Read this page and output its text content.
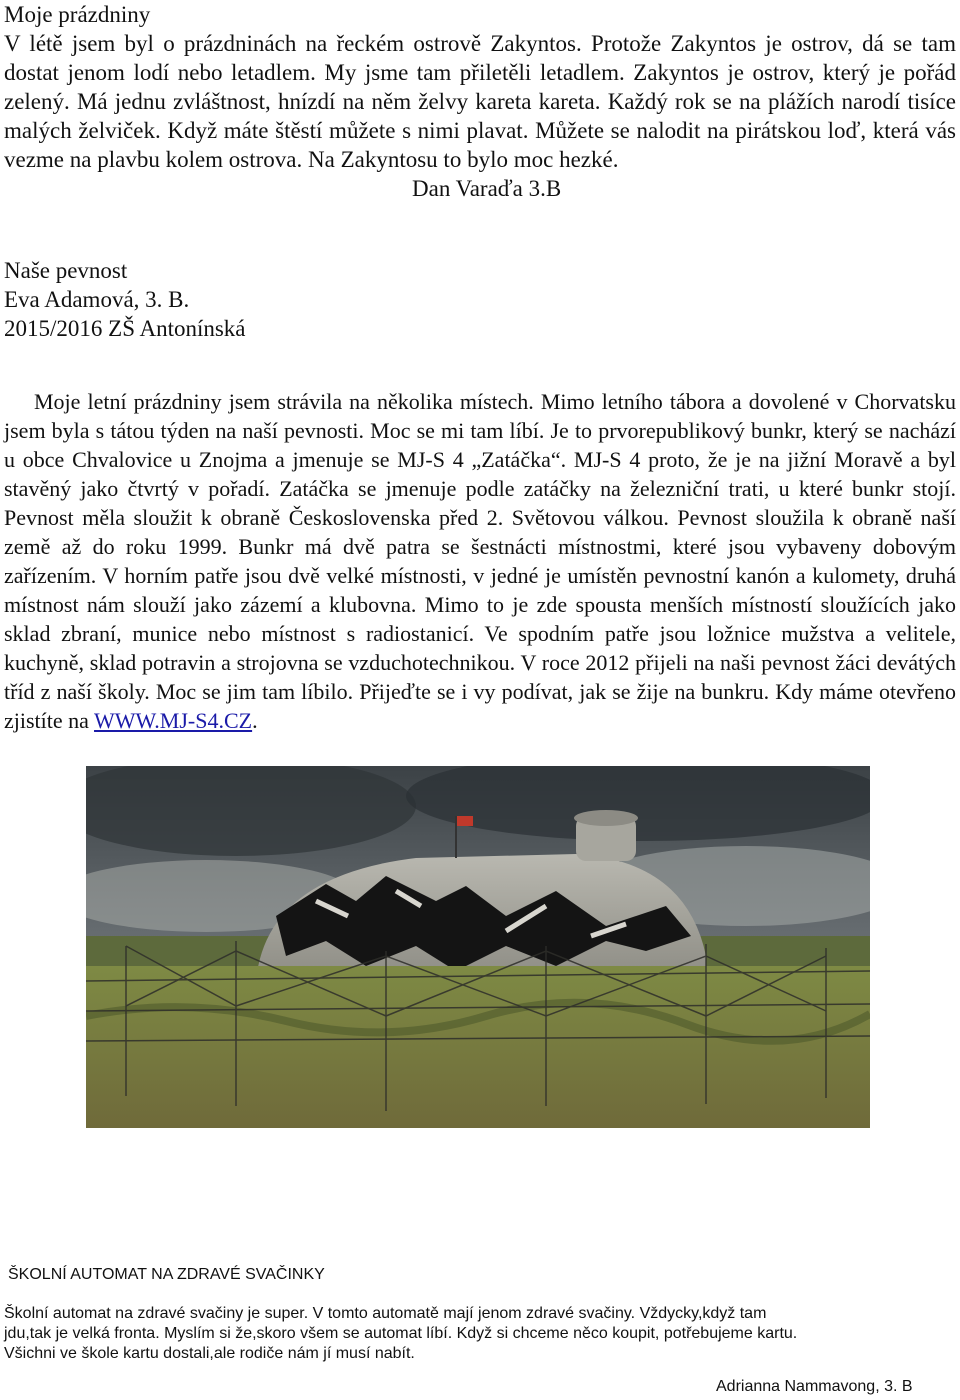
Moje prázdniny

V létě jsem byl o prázdninách na řeckém ostrově Zakyntos. Protože Zakyntos je ostrov, dá se tam dostat jenom lodí nebo letadlem. My jsme tam přiletěli letadlem. Zakyntos je ostrov, který je pořád zelený. Má jednu zvláštnost, hnízdí na něm želvy kareta kareta. Každý rok se na plážích narodí tisíce malých želviček. Když máte štěstí můžete s nimi plavat. Můžete se nalodit na pirátskou loď, která vás vezme na plavbu kolem ostrova. Na Zakyntosu to bylo moc hezké.

Dan Varaďa 3.B

Naše pevnost

Eva Adamová, 3. B.

2015/2016 ZŠ Antonínská

Moje letní prázdniny jsem strávila na několika místech. Mimo letního tábora a dovolené v Chorvatsku jsem byla s tátou týden na naší pevnosti. Moc se mi tam líbí. Je to prvorepublikový bunkr, který se nachází u obce Chvalovice u Znojma a jmenuje se MJ-S 4 „Zatáčka“. MJ-S 4 proto, že je na jižní Moravě a byl stavěný jako čtvrtý v pořadí. Zatáčka se jmenuje podle zatáčky na železniční trati, u které bunkr stojí. Pevnost měla sloužit k obraně Československa před 2. Světovou válkou. Pevnost sloužila k obraně naší země až do roku 1999. Bunkr má dvě patra se šestnácti místnostmi, které jsou vybaveny dobovým zařízením. V horním patře jsou dvě velké místnosti, v jedné je umístěn pevnostní kanón a kulomety, druhá místnost nám slouží jako zázemí a klubovna. Mimo to je zde spousta menších místností sloužících jako sklad zbraní, munice nebo místnost s radiostanicí. Ve spodním patře jsou ložnice mužstva a velitele, kuchyně, sklad potravin a strojovna se vzduchotechnikou. V roce 2012 přijeli na naši pevnost žáci devátých tříd z naší školy. Moc se jim tam líbilo. Přijeďte se i vy podívat, jak se žije na bunkru. Kdy máme otevřeno zjistíte na WWW.MJ-S4.CZ.

ŠKOLNÍ AUTOMAT NA ZDRAVÉ SVAČINKY

Školní automat na zdravé svačiny je super. V tomto automatě mají jenom zdravé svačiny. Vždycky,když tam
jdu,tak je velká fronta. Myslím si že,skoro všem se automat líbí. Když si chceme něco koupit, potřebujeme kartu.
Všichni ve škole kartu dostali,ale rodiče nám jí musí nabít.
Adrianna Nammavong, 3. B
